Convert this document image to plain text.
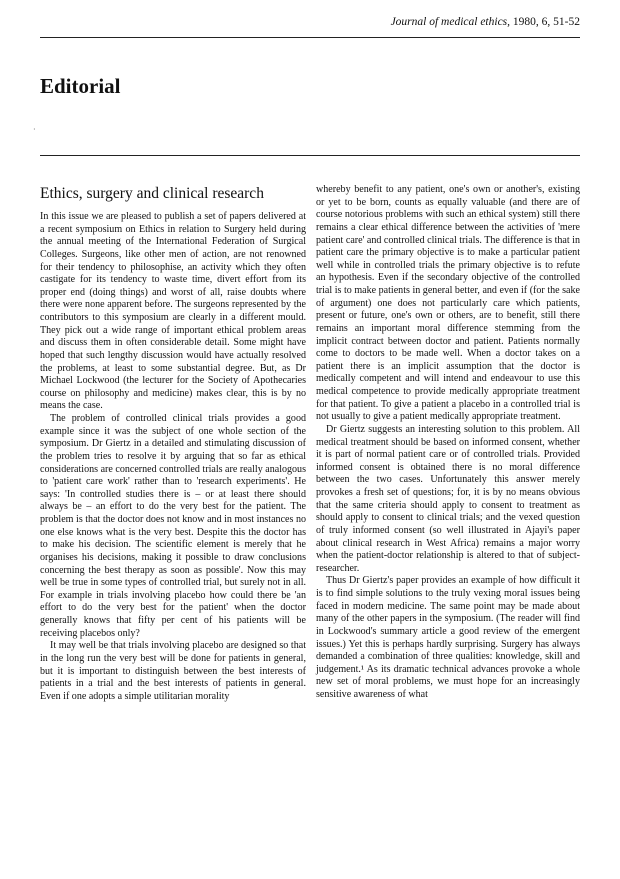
Journal of medical ethics, 1980, 6, 51-52
Editorial
·
Ethics, surgery and clinical research

In this issue we are pleased to publish a set of papers delivered at a recent symposium on Ethics in relation to Surgery held during the annual meeting of the International Federation of Surgical Colleges. Surgeons, like other men of action, are not renowned for their tendency to philosophise, an activity which they often castigate for its tendency to waste time, divert effort from its proper end (doing things) and worst of all, raise doubts where there were none apparent before. The surgeons represented by the contributors to this symposium are clearly in a different mould. They pick out a wide range of important ethical problem areas and discuss them in often considerable detail. Some might have hoped that such lengthy discussion would have actually resolved the problems, at least to some substantial degree. But, as Dr Michael Lockwood (the lecturer for the Society of Apothecaries course on philosophy and medicine) makes clear, this is by no means the case.

The problem of controlled clinical trials provides a good example since it was the subject of one whole section of the symposium. Dr Giertz in a detailed and stimulating discussion of the problem tries to resolve it by arguing that so far as ethical considerations are concerned controlled trials are really analogous to 'patient care work' rather than to 'research experiments'. He says: 'In controlled studies there is – or at least there should always be – an effort to do the very best for the patient. The problem is that the doctor does not know and in most instances no one else knows what is the very best. Despite this the doctor has to make his decision. The scientific element is merely that he organises his decisions, making it possible to draw conclusions concerning the best therapy as soon as possible'. Now this may well be true in some types of controlled trial, but surely not in all. For example in trials involving placebo how could there be 'an effort to do the very best for the patient' when the doctor generally knows that fifty per cent of his patients will be receiving placebos only?

It may well be that trials involving placebo are designed so that in the long run the very best will be done for patients in general, but it is important to distinguish between the best interests of patients in a trial and the best interests of patients in general. Even if one adopts a simple utilitarian morality

whereby benefit to any patient, one's own or another's, existing or yet to be born, counts as equally valuable (and there are of course notorious problems with such an ethical system) still there remains a clear ethical difference between the activities of 'mere patient care' and controlled clinical trials. The difference is that in patient care the primary objective is to make a particular patient well while in controlled trials the primary objective is to refute an hypothesis. Even if the secondary objective of the controlled trial is to make patients in general better, and even if (for the sake of argument) one does not particularly care which patients, present or future, one's own or others, are to benefit, still there remains an important moral difference stemming from the implicit contract between doctor and patient. Patients normally come to doctors to be made well. When a doctor takes on a patient there is an implicit assumption that the doctor is medically competent and will intend and endeavour to use this medical competence to provide medically appropriate treatment for that patient. To give a patient a placebo in a controlled trial is not usually to give a patient medically appropriate treatment.

Dr Giertz suggests an interesting solution to this problem. All medical treatment should be based on informed consent, whether it is part of normal patient care or of controlled trials. Provided informed consent is obtained there is no moral difference between the two cases. Unfortunately this answer merely provokes a fresh set of questions; for, it is by no means obvious that the same criteria should apply to consent to treatment as should apply to consent to clinical trials; and the vexed question of truly informed consent (so well illustrated in Ajayi's paper about clinical research in West Africa) remains a major worry when the patient-doctor relationship is altered to that of subject-researcher.

Thus Dr Giertz's paper provides an example of how difficult it is to find simple solutions to the truly vexing moral issues being faced in modern medicine. The same point may be made about many of the other papers in the symposium. (The reader will find in Lockwood's summary article a good review of the emergent issues.) Yet this is perhaps hardly surprising. Surgery has always demanded a combination of three qualities: knowledge, skill and judgement.¹ As its dramatic technical advances provoke a whole new set of moral problems, we must hope for an increasingly sensitive awareness of what
